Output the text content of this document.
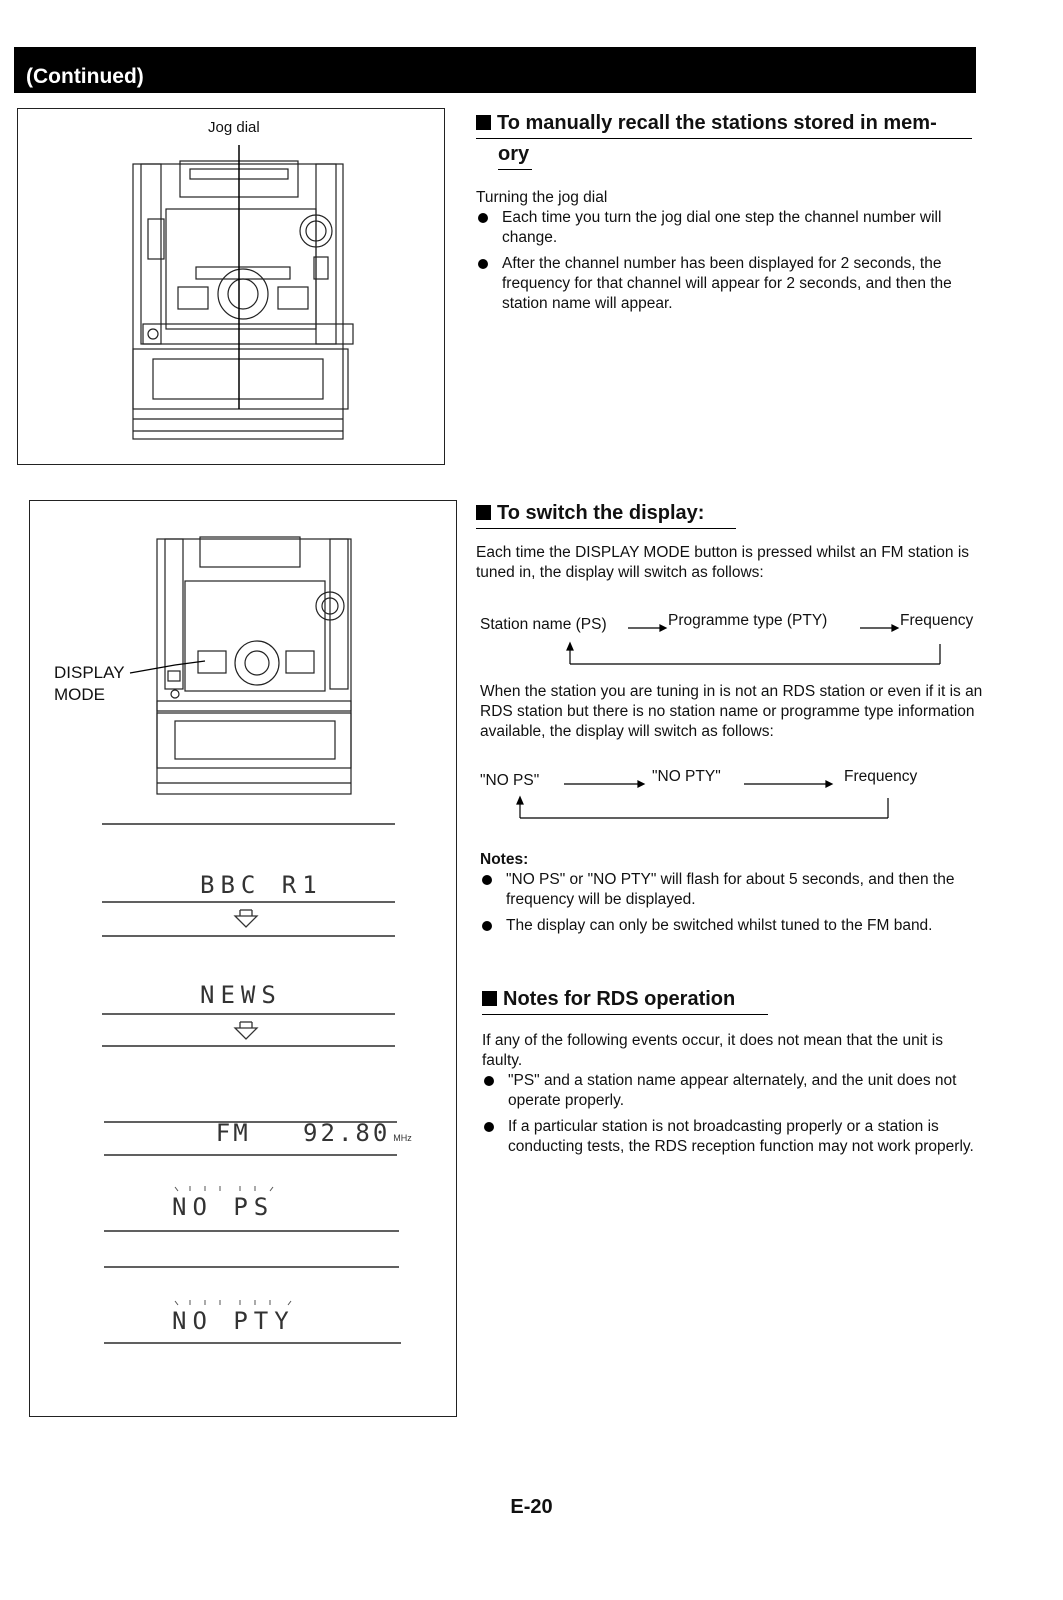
(Continued)
Jog dial	To manually recall the stations stored in mem-
ory

Turning the jog dial

Each time you turn the jog dial one step the channel number will change.

After the channel number has been displayed for 2 seconds, the frequency for that channel will appear for 2 seconds, and then the station name will appear.

DISPLAY
MODE
BBC R1
NEWS

FM   92.80 MHz

NO PS
NO PTY
To switch the display:

Each time the DISPLAY MODE button is pressed whilst an FM station is tuned in, the display will switch as follows:

Station name (PS)	Programme type (PTY)	Frequency

When the station you are tuning in is not an RDS station or even if it is an RDS station but there is no station name or programme type information available, the display will switch as follows:

"NO PS"	"NO PTY"	Frequency

Notes:

"NO PS" or "NO PTY" will flash for about 5 seconds, and then the frequency will be displayed.

The display can only be switched whilst tuned to the FM band.

Notes for RDS operation

If any of the following events occur, it does not mean that the unit is faulty.

"PS" and a station name appear alternately, and the unit does not operate properly.

If a particular station is not broadcasting properly or a station is conducting tests, the RDS reception function may not work properly.

E-20
